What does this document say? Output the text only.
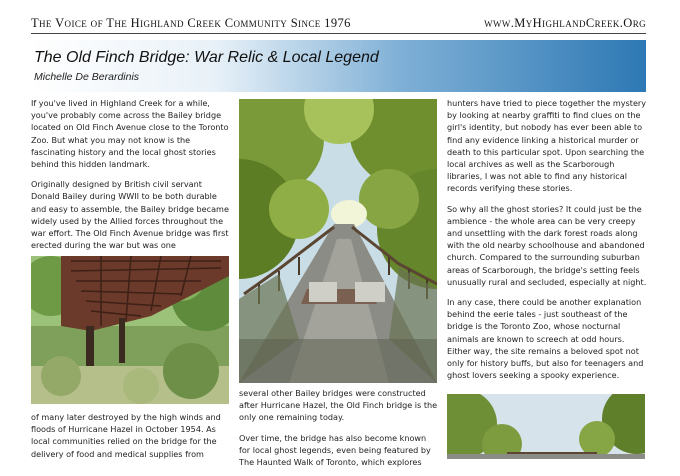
The Voice of The Highland Creek Community Since 1976	www.MyHighlandCreek.Org
The Old Finch Bridge: War Relic & Local Legend
Michelle De Berardinis

If you've lived in Highland Creek for a while, you've probably come across the Bailey bridge located on Old Finch Avenue close to the Toronto Zoo. But what you may not know is the fascinating history and the local ghost stories behind this hidden landmark.

Originally designed by British civil servant Donald Bailey during WWII to be both durable and easy to assemble, the Bailey bridge became widely used by the Allied forces throughout the war effort. The Old Finch Avenue bridge was first erected during the war but was one

of many later destroyed by the high winds and floods of Hurricane Hazel in October 1954. As local communities relied on the bridge for the delivery of food and medical supplies from

several other Bailey bridges were constructed after Hurricane Hazel, the Old Finch bridge is the only one remaining today.

Over time, the bridge has also become known for local ghost legends, even being featured by The Haunted Walk of Toronto, which explores

hunters have tried to piece together the mystery by looking at nearby graffiti to find clues on the girl's identity, but nobody has ever been able to find any evidence linking a historical murder or death to this particular spot. Upon searching the local archives as well as the Scarborough libraries, I was not able to find any historical records verifying these stories.

So why all the ghost stories? It could just be the ambience - the whole area can be very creepy and unsettling with the dark forest roads along with the old nearby schoolhouse and abandoned church. Compared to the surrounding suburban areas of Scarborough, the bridge's setting feels unusually rural and secluded, especially at night.

In any case, there could be another explanation behind the eerie tales - just southeast of the bridge is the Toronto Zoo, whose nocturnal animals are known to screech at odd hours. Either way, the site remains a beloved spot not only for history buffs, but also for teenagers and ghost lovers seeking a spooky experience.
